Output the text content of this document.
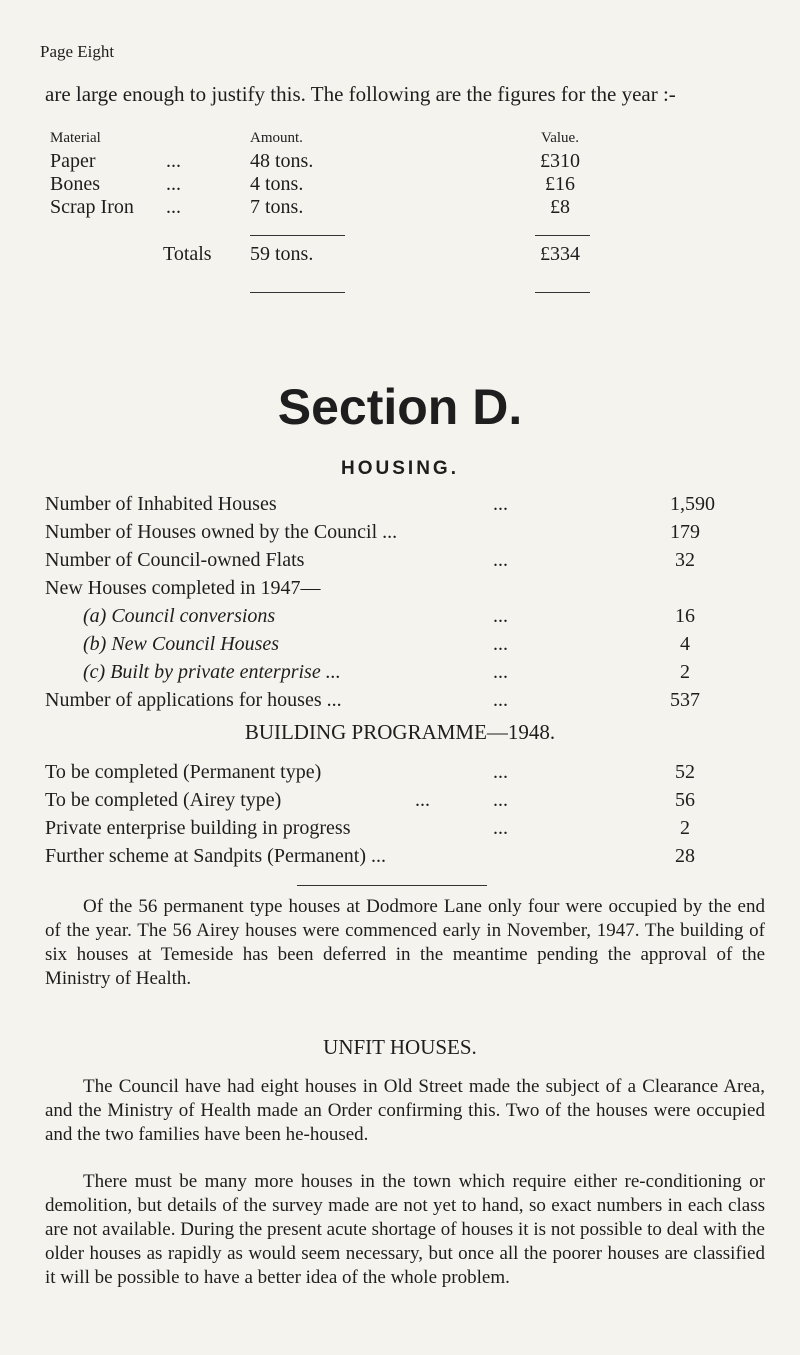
Page Eight
are large enough to justify this. The following are the figures for the year :-
Material	Amount.	Value.
Paper	...	48 tons.	£310
Bones	...	4 tons.	£16
Scrap Iron ...	7 tons.	£8
Totals 59 tons.	£334
Section D.
HOUSING.
Number of Inhabited Houses	...	1,590
Number of Houses owned by the Council ...	179
Number of Council-owned Flats	...	32
New Houses completed in 1947—
(a) Council conversions	...	16
(b) New Council Houses	...	4
(c) Built by private enterprise ...	...	2
Number of applications for houses ...	...	537
BUILDING PROGRAMME—1948.
To be completed (Permanent type)	...	52
To be completed (Airey type)	...	...	56
Private enterprise building in progress	...	2
Further scheme at Sandpits (Permanent) ...	28

Of the 56 permanent type houses at Dodmore Lane only four were occupied by the end of the year. The 56 Airey houses were commenced early in November, 1947. The building of six houses at Temeside has been deferred in the meantime pending the approval of the Ministry of Health.

UNFIT HOUSES.

The Council have had eight houses in Old Street made the subject of a Clearance Area, and the Ministry of Health made an Order confirming this. Two of the houses were occupied and the two families have been he-housed.

There must be many more houses in the town which require either re-conditioning or demolition, but details of the survey made are not yet to hand, so exact numbers in each class are not available. During the present acute shortage of houses it is not possible to deal with the older houses as rapidly as would seem necessary, but once all the poorer houses are classified it will be possible to have a better idea of the whole problem.
